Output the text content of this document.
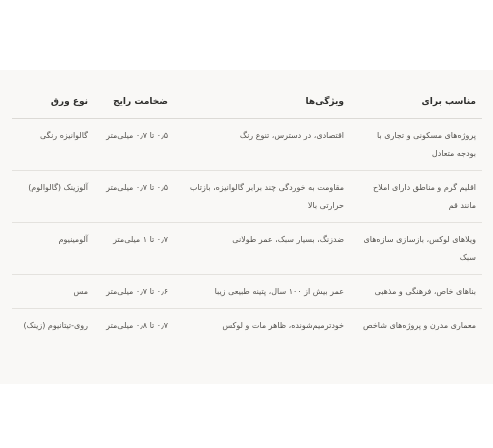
مناسب برای	ویژگی‌ها	ضخامت رایج	نوع ورق
پروژه‌های مسکونی و تجاری با بودجه متعادل	اقتصادی، در دسترس، تنوع رنگ	۰٫۵ تا ۰٫۷ میلی‌متر	گالوانیزه رنگی
اقلیم گرم و مناطق دارای املاح مانند قم	مقاومت به خوردگی چند برابر گالوانیزه، بازتاب حرارتی بالا	۰٫۵ تا ۰٫۷ میلی‌متر	آلوزینک (گالوالوم)
ویلاهای لوکس، بازسازی سازه‌های سبک	ضدزنگ، بسیار سبک، عمر طولانی	۰٫۷ تا ۱ میلی‌متر	آلومینیوم
بناهای خاص، فرهنگی و مذهبی	عمر بیش از ۱۰۰ سال، پتینه طبیعی زیبا	۰٫۶ تا ۰٫۷ میلی‌متر	مس
معماری مدرن و پروژه‌های شاخص	خودترمیم‌شونده، ظاهر مات و لوکس	۰٫۷ تا ۰٫۸ میلی‌متر	روی-تیتانیوم (زینک)
